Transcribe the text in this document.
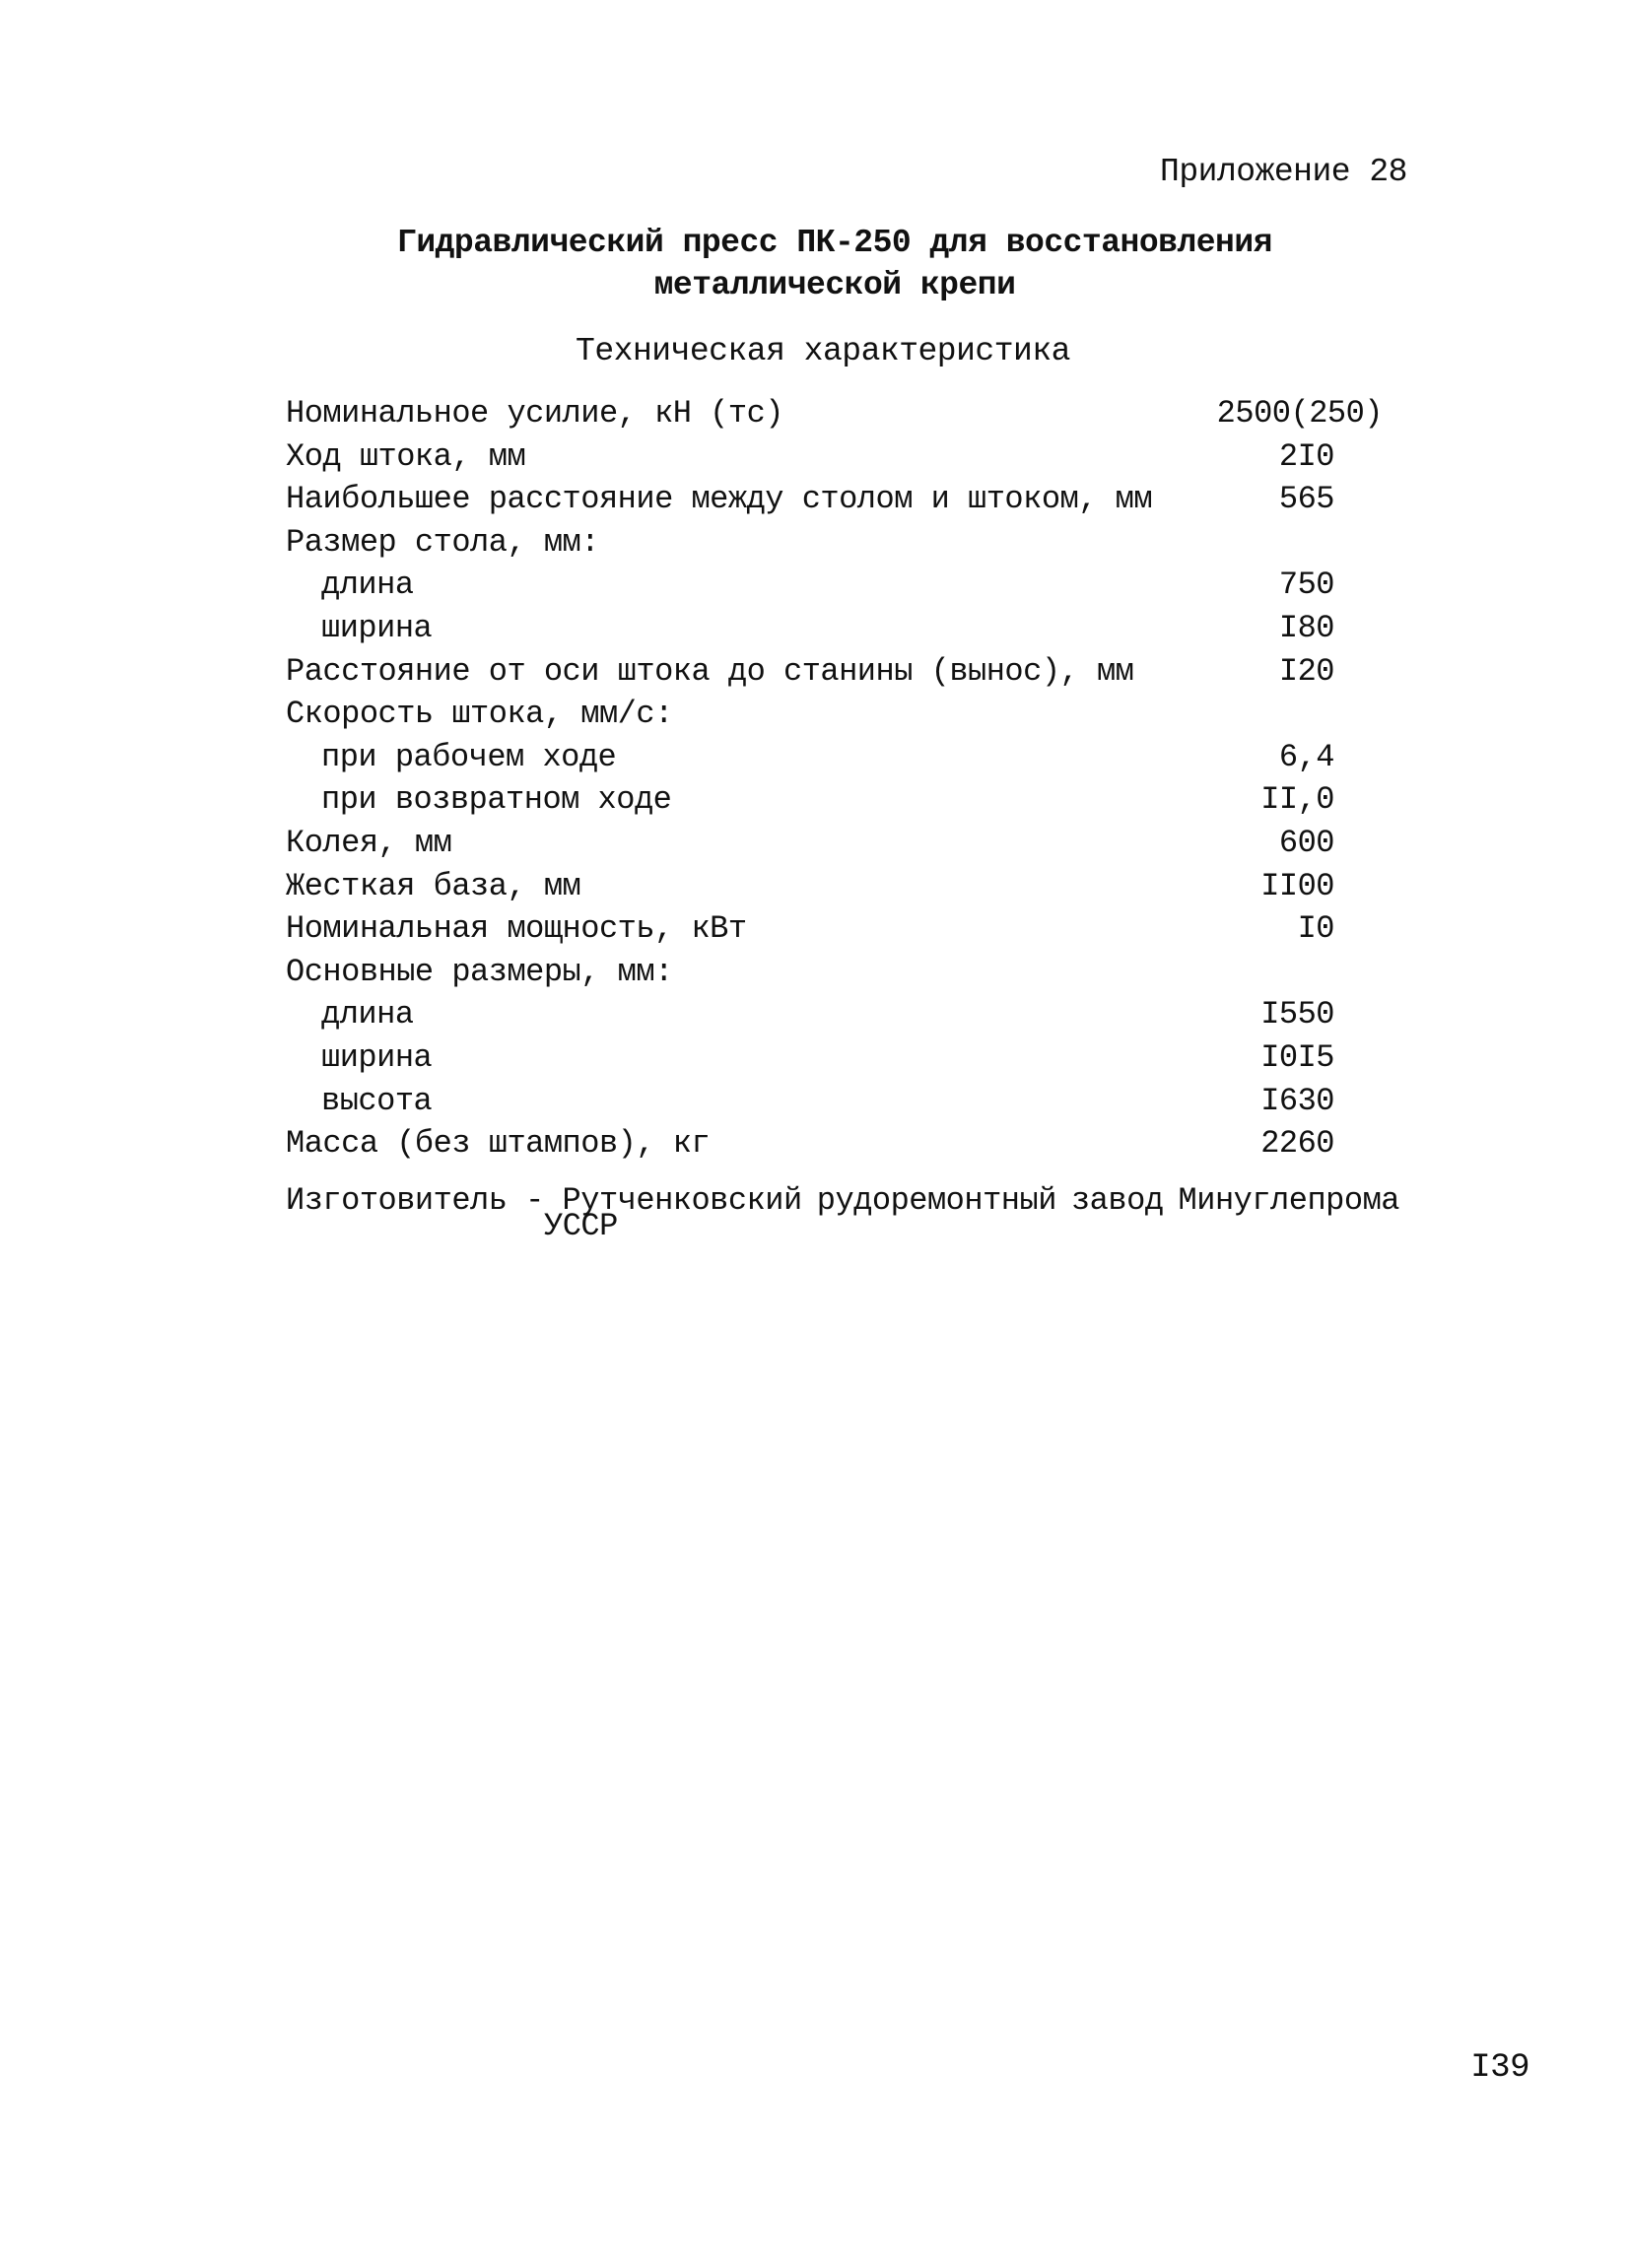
Приложение 28
Гидравлический пресс ПК-250 для восстановления
металлической крепи
Техническая характеристика
Номинальное усилие, кН (тс)	2500(250)
Ход штока, мм	2I0
Наибольшее расстояние между столом и штоком, мм	565
Размер стола, мм:
длина	750
ширина	I80
Расстояние от оси штока до станины (вынос), мм	I20
Скорость штока, мм/с:
при рабочем ходе	6,4
при возвратном ходе	II,0
Колея, мм	600
Жесткая база, мм	II00
Номинальная мощность, кВт	I0
Основные размеры, мм:
длина	I550
ширина	I0I5
высота	I630
Масса (без штампов), кг	2260
Изготовитель - Рутченковский рудоремонтный завод Минуглепрома
УССР
I39
